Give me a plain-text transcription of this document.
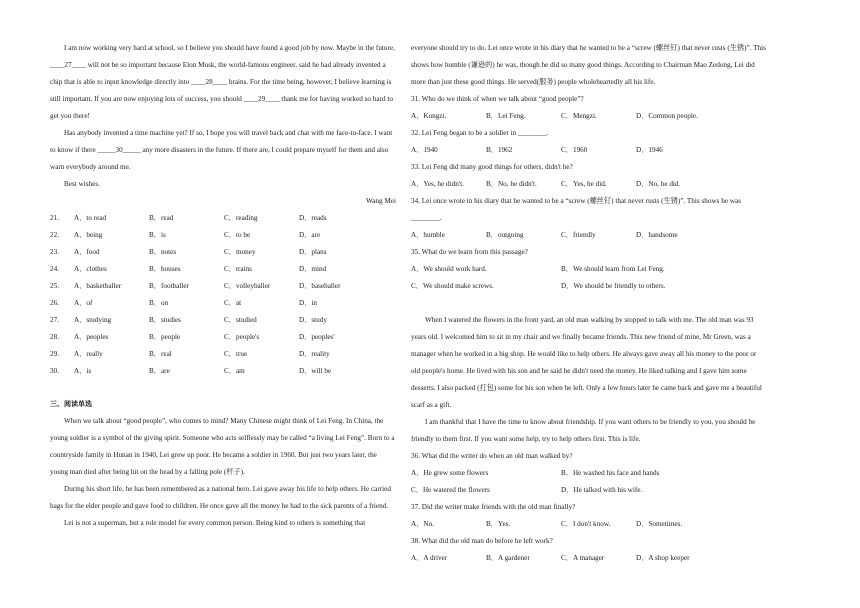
I am now working very hard at school, so I believe you should have found a good job by now. Maybe in the future, ____27____ will not be so important because Elon Musk, the world-famous engineer, said he had already invented a chip that is able to input knowledge directly into ____28____ brains. For the time being, however, I believe learning is still important. If you are now enjoying lots of success, you should ____29____ thank me for having worked so hard to get you there!

Has anybody invented a time machine yet? If so, I hope you will travel back and chat with me face-to-face. I want to know if there _____30_____ any more disasters in the future. If there are, I could prepare myself for them and also warn everybody around me.

Best wishes.

Wang Mei

21.	A．to read	B．read	C．reading	D．reads
22.	A．being	B．is	C．to be	D．are
23.	A．food	B．notes	C．money	D．plans
24.	A．clothes	B．houses	C．trains	D．mind
25.	A．basketballer	B．footballer	C．volleyballer	D．baseballer
26.	A．of	B．on	C．at	D．in
27.	A．studying	B．studies	C．studied	D．study
28.	A．peoples	B．people	C．people's	D．peoples'
29.	A．really	B．real	C．true	D．reality
30.	A．is	B．are	C．am	D．will be

三、阅读单选

When we talk about “good people”, who comes to mind? Many Chinese might think of Lei Feng. In China, the young soldier is a symbol of the giving spirit. Someone who acts selflessly may be called “a living Lei Feng”. Born to a countryside family in Hunan in 1940, Lei grew up poor. He became a soldier in 1960. But just two years later, the young man died after being hit on the head by a falling pole (杆子).

During his short life, he has been remembered as a national hero. Lei gave away his life to help others. He carried bags for the elder people and gave food to children. He once gave all the money he had to the sick parents of a friend.

Lei is not a superman, but a role model for every common person. Being kind to others is something that

everyone should try to do. Lei once wrote in his diary that he wanted to be a “screw (螺丝钉) that never rusts (生锈)”. This shows how humble (谦逊的) he was, though he did so many good things. According to Chairman Mao Zedong, Lei did more than just these good things. He served(服务) people wholeheartedly all his life.

31. Who do we think of when we talk about “good people”?

A．Kongzi.	B．Lei Feng.	C．Mengzi.	D．Common people.

32. Lei Feng began to be a soldier in ________.

A．1940	B．1962	C．1960	D．1946

33. Lei Feng did many good things for others, didn't he?

A．Yes, he didn't.	B．No, he didn't.	C．Yes, he did.	D．No, he did.

34. Lei once wrote in his diary that he wanted to be a “screw (螺丝钉) that never rusts (生锈)”. This shows he was ________.

A．humble	B．outgoing	C．friendly	D．handsome

35. What do we learn from this passage?

A．We should work hard.	B．We should learn from Lei Feng.
C．We should make screws.	D．We should be friendly to others.

When I watered the flowers in the front yard, an old man walking by stopped to talk with me. The old man was 93 years old. I welcomed him to sit in my chair and we finally became friends. This new friend of mine, Mr Green, was a manager when he worked in a big shop. He would like to help others. He always gave away all his money to the poor or old people's home. He lived with his son and he said he didn't need the money. He liked talking and I gave him some desserts. I also packed (打包) some for his son when he left. Only a few hours later he came back and gave me a beautiful scarf as a gift.

I am thankful that I have the time to know about friendship. If you want others to be friendly to you, you should be friendly to them first. If you want some help, try to help others first. This is life.

36. What did the writer do when an old man walked by?

A．He grew some flowers	B．He washed his face and hands
C．He watered the flowers	D．He talked with his wife.

37. Did the writer make friends with the old man finally?

A．No.	B．Yes.	C．I don't know.	D．Sometimes.

38. What did the old man do before he left work?

A．A driver	B．A gardener	C．A manager	D．A shop keeper
